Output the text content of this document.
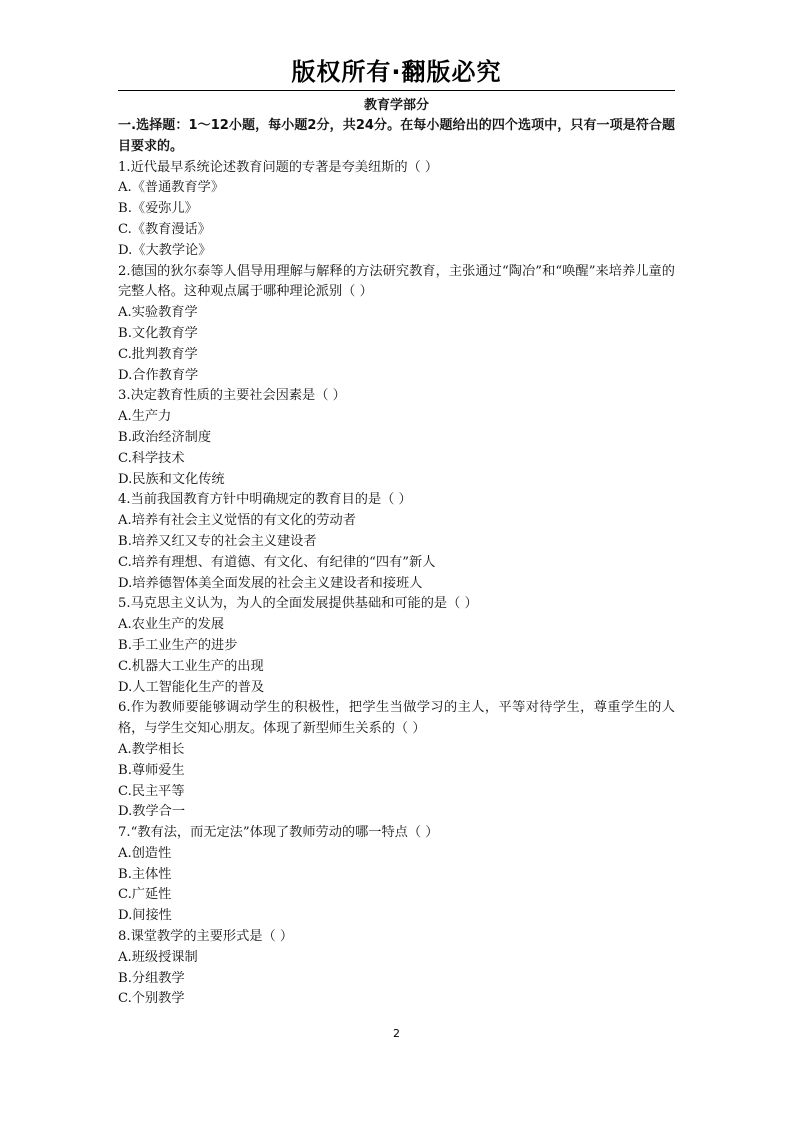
版权所有·翻版必究
教育学部分
一.选择题：1～12小题，每小题2分，共24分。在每小题给出的四个选项中，只有一项是符合题目要求的。
1.近代最早系统论述教育问题的专著是夸美纽斯的（ ）
A.《普通教育学》
B.《爱弥儿》
C.《教育漫话》
D.《大教学论》
2.德国的狄尔泰等人倡导用理解与解释的方法研究教育，主张通过“陶冶”和“唤醒”来培养儿童的完整人格。这种观点属于哪种理论派别（ ）
A.实验教育学
B.文化教育学
C.批判教育学
D.合作教育学
3.决定教育性质的主要社会因素是（ ）
A.生产力
B.政治经济制度
C.科学技术
D.民族和文化传统
4.当前我国教育方针中明确规定的教育目的是（ ）
A.培养有社会主义觉悟的有文化的劳动者
B.培养又红又专的社会主义建设者
C.培养有理想、有道德、有文化、有纪律的“四有”新人
D.培养德智体美全面发展的社会主义建设者和接班人
5.马克思主义认为，为人的全面发展提供基础和可能的是（ ）
A.农业生产的发展
B.手工业生产的进步
C.机器大工业生产的出现
D.人工智能化生产的普及
6.作为教师要能够调动学生的积极性，把学生当做学习的主人，平等对待学生，尊重学生的人格，与学生交知心朋友。体现了新型师生关系的（ ）
A.教学相长
B.尊师爱生
C.民主平等
D.教学合一
7.“教有法，而无定法”体现了教师劳动的哪一特点（ ）
A.创造性
B.主体性
C.广延性
D.间接性
8.课堂教学的主要形式是（ ）
A.班级授课制
B.分组教学
C.个别教学
2
